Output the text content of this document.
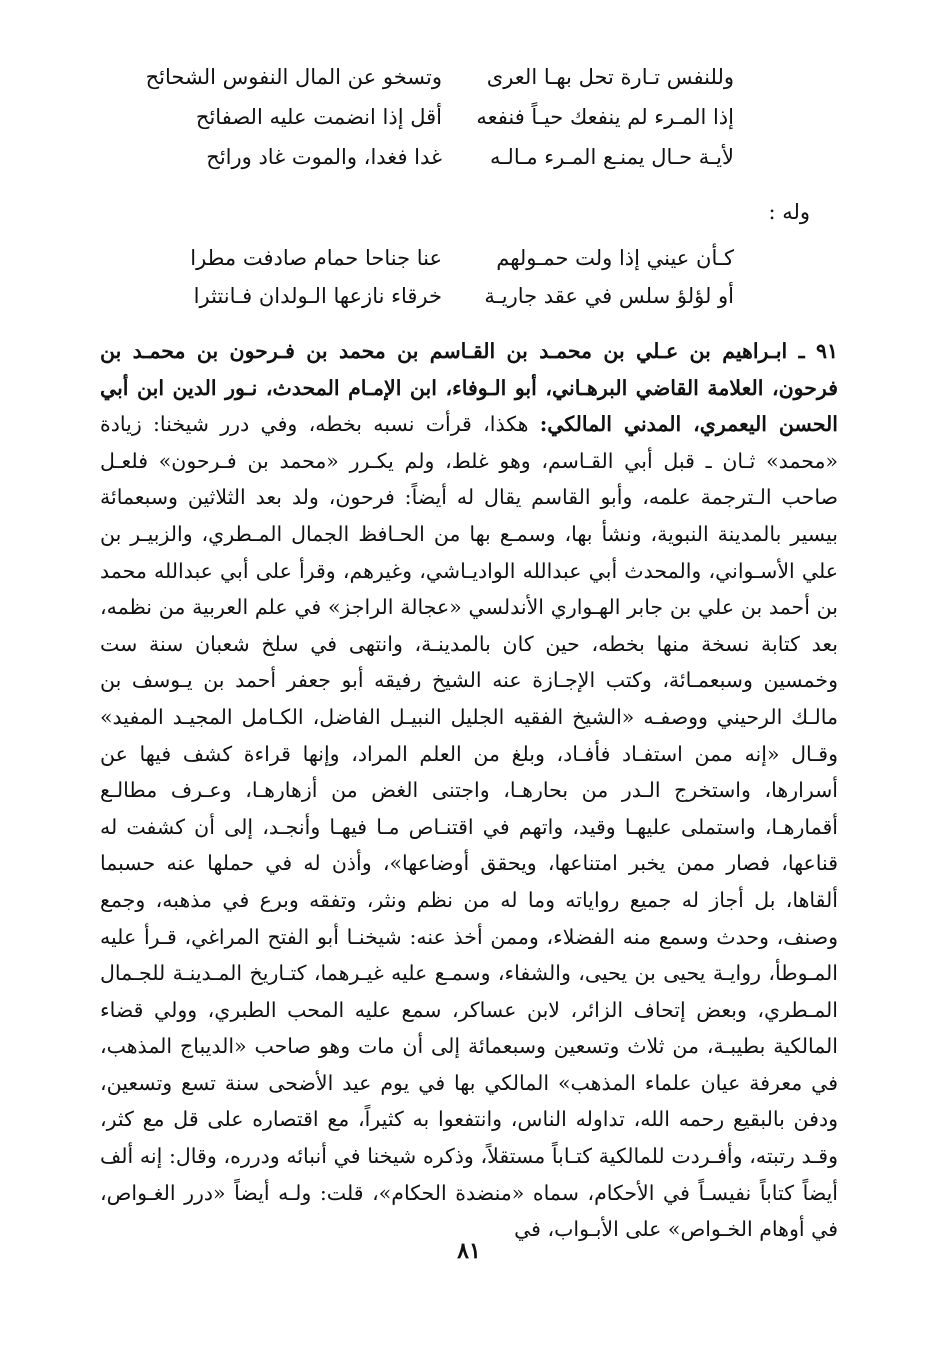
وللنفس تـارة تحل بهـا العرى
وتسخو عن المال النفوس الشحائح
إذا المـرء لم ينفعك حيـاً فنفعه
أقل إذا انضمت عليه الصفائح
لأيـة حـال يمنـع المـرء مـالـه
غدا فغدا، والموت غاد ورائح
وله :
كـأن عيني إذا ولت حمـولهم
عنا جناحا حمام صادفت مطرا
أو لؤلؤ سلس في عقد جاريـة
خرقاء نازعها الـولدان فـانتثرا

٩١ ـ ابـراهيم بن عـلي بن محمـد بن القـاسم بن محمد بن فـرحون بن محمـد بن فرحون، العلامة القاضي البرهـاني، أبو الـوفاء، ابن الإمـام المحدث، نـور الدين ابن أبي الحسن اليعمري، المدني المالكي: هكذا، قرأت نسبه بخطه، وفي درر شيخنا: زيادة «محمد» ثـان ـ قبل أبي القـاسم، وهو غلط، ولم يكـرر «محمد بن فـرحون» فلعـل صاحب الـترجمة علمه، وأبو القاسم يقال له أيضاً: فرحون، ولد بعد الثلاثين وسبعمائة بيسير بالمدينة النبوية، ونشأ بها، وسمـع بها من الحـافظ الجمال المـطري، والزبيـر بن علي الأسـواني، والمحدث أبي عبدالله الواديـاشي، وغيرهم، وقرأ على أبي عبدالله محمد بن أحمد بن علي بن جابر الهـواري الأندلسي «عجالة الراجز» في علم العربية من نظمه، بعد كتابة نسخة منها بخطه، حين كان بالمدينـة، وانتهى في سلخ شعبان سنة ست وخمسين وسبعمـائة، وكتب الإجـازة عنه الشيخ رفيقه أبو جعفر أحمد بن يـوسف بن مالـك الرحيني ووصفـه «الشيخ الفقيه الجليل النبيـل الفاضل، الكـامل المجيـد المفيد» وقـال «إنه ممن استفـاد فأفـاد، وبلغ من العلم المراد، وإنها قراءة كشف فيها عن أسرارها، واستخرج الـدر من بحارهـا، واجتنى الغض من أزهارهـا، وعـرف مطالـع أقمارهـا، واستملى عليهـا وقيد، واتهم في اقتنـاص مـا فيهـا وأنجـد، إلى أن كشفت له قناعها، فصار ممن يخبر امتناعها، ويحقق أوضاعها»، وأذن له في حملها عنه حسبما ألقاها، بل أجاز له جميع رواياته وما له من نظم ونثر، وتفقه وبرع في مذهبه، وجمع وصنف، وحدث وسمع منه الفضلاء، وممن أخذ عنه: شيخنـا أبو الفتح المراغي، قـرأ عليه المـوطأ، روايـة يحيى بن يحيى، والشفاء، وسمـع عليه غيـرهما، كتـاريخ المـدينـة للجـمال المـطري، وبعض إتحاف الزائر، لابن عساكر، سمع عليه المحب الطبري، وولي قضاء المالكية بطيبـة، من ثلاث وتسعين وسبعمائة إلى أن مات وهو صاحب «الديباج المذهب، في معرفة عيان علماء المذهب» المالكي بها في يوم عيد الأضحى سنة تسع وتسعين، ودفن بالبقيع رحمه الله، تداوله الناس، وانتفعوا به كثيراً، مع اقتصاره على قل مع كثر، وقـد رتبته، وأفـردت للمالكية كتـاباً مستقلاً، وذكره شيخنا في أنبائه ودرره، وقال: إنه ألف أيضاً كتاباً نفيسـاً في الأحكام، سماه «منضدة الحكام»، قلت: ولـه أيضاً «درر الغـواص، في أوهام الخـواص» على الأبـواب، في

٨١
